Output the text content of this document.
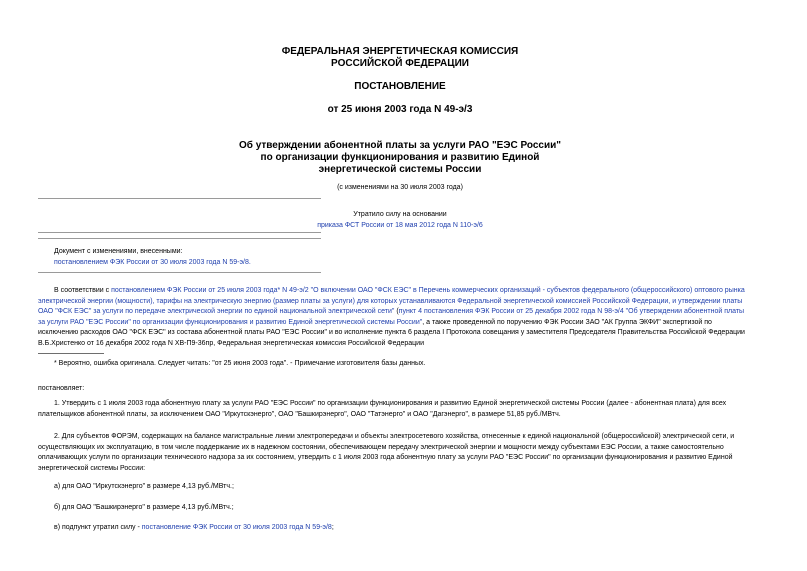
ФЕДЕРАЛЬНАЯ ЭНЕРГЕТИЧЕСКАЯ КОМИССИЯ
РОССИЙСКОЙ ФЕДЕРАЦИИ
ПОСТАНОВЛЕНИЕ
от 25 июня 2003 года N 49-э/3
Об утверждении абонентной платы за услуги РАО "ЕЭС России"
по организации функционирования и развитию Единой
энергетической системы России
(с изменениями на 30 июля 2003 года)
Утратило силу на основании
приказа ФСТ России от 18 мая 2012 года N 110-э/6
Документ с изменениями, внесенными:
постановлением ФЭК России от 30 июля 2003 года N 59-э/8.
В соответствии с постановлением ФЭК России от 25 июля 2003 года* N 49-э/2 "О включении ОАО "ФСК ЕЭС" в Перечень коммерческих организаций - субъектов федерального (общероссийского) оптового рынка
электрической энергии (мощности), тарифы на электрическую энергию (размер платы за услуги) для которых устанавливаются Федеральной энергетической комиссией Российской Федерации, и утверждении платы
ОАО "ФСК ЕЭС" за услуги по передаче электрической энергии по единой национальной электрической сети" (пункт 4 постановления ФЭК России от 25 декабря 2002 года N 98-э/4 "Об утверждении абонентной платы
за услуги РАО "ЕЭС России" по организации функционирования и развитию Единой энергетической системы России", а также проведенной по поручению ФЭК России ЗАО "АК Группа ЭКФИ" экспертизой по
исключению расходов ОАО "ФСК ЕЭС" из состава абонентной платы РАО "ЕЭС России" и во исполнение пункта 6 раздела I Протокола совещания у заместителя Председателя Правительства Российской Федерации
В.Б.Христенко от 16 декабря 2002 года N ХВ-П9-36пр, Федеральная энергетическая комиссия Российской Федерации
* Вероятно, ошибка оригинала. Следует читать: "от 25 июня 2003 года". - Примечание изготовителя базы данных.
постановляет:
1. Утвердить с 1 июля 2003 года абонентную плату за услуги РАО "ЕЭС России" по организации функционирования и развитию Единой энергетической системы России (далее - абонентная плата) для всех
плательщиков абонентной платы, за исключением ОАО "Иркутскэнерго", ОАО "Башкирэнерго", ОАО "Татэнерго" и ОАО "Дагэнерго", в размере 51,85 руб./МВтч.
2. Для субъектов ФОРЭМ, содержащих на балансе магистральные линии электропередачи и объекты электросетевого хозяйства, отнесенные к единой национальной (общероссийской) электрической сети, и
осуществляющих их эксплуатацию, в том числе поддержание их в надежном состоянии, обеспечивающем передачу электрической энергии и мощности между субъектами ЕЭС России, а также самостоятельно
оплачивающих услуги по организации технического надзора за их состоянием, утвердить с 1 июля 2003 года абонентную плату за услуги РАО "ЕЭС России" по организации функционирования и развитию Единой
энергетической системы России:
а) для ОАО "Иркутскэнерго" в размере 4,13 руб./МВтч.;
б) для ОАО "Башкирэнерго" в размере 4,13 руб./МВтч.;
в) подпункт утратил силу - постановление ФЭК России от 30 июля 2003 года N 59-э/8;
